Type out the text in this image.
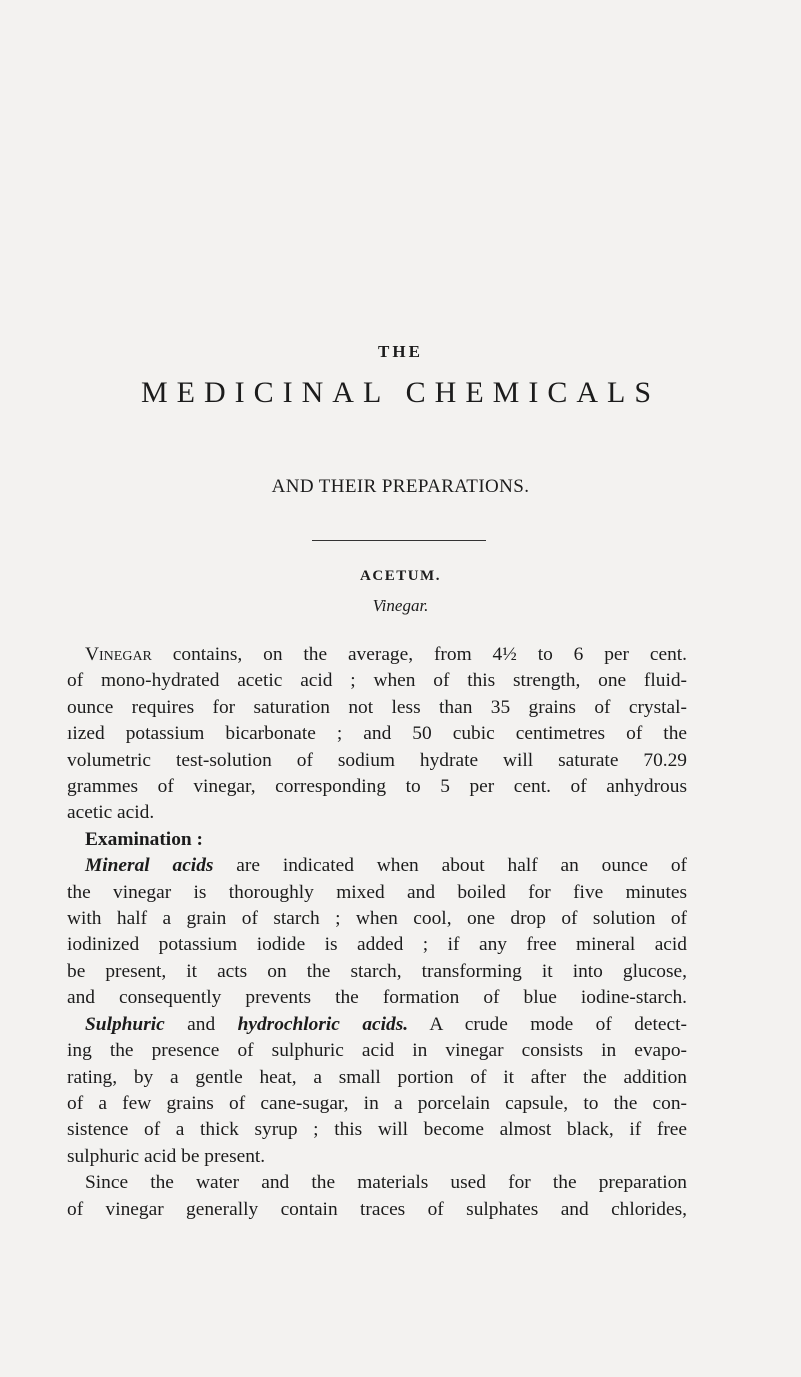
THE
MEDICINAL CHEMICALS
AND THEIR PREPARATIONS.
ACETUM.
Vinegar.
Vinegar contains, on the average, from 4½ to 6 per cent.
of mono-hydrated acetic acid ; when of this strength, one fluid-
ounce requires for saturation not less than 35 grains of crystal-
ıized potassium bicarbonate ; and 50 cubic centimetres of the
volumetric test-solution of sodium hydrate will saturate 70.29
grammes of vinegar, corresponding to 5 per cent. of anhydrous
acetic acid.
Examination :
Mineral acids are indicated when about half an ounce of
the vinegar is thoroughly mixed and boiled for five minutes
with half a grain of starch ; when cool, one drop of solution of
iodinized potassium iodide is added ; if any free mineral acid
be present, it acts on the starch, transforming it into glucose,
and consequently prevents the formation of blue iodine-starch.
Sulphuric and hydrochloric acids. A crude mode of detect-
ing the presence of sulphuric acid in vinegar consists in evapo-
rating, by a gentle heat, a small portion of it after the addition
of a few grains of cane-sugar, in a porcelain capsule, to the con-
sistence of a thick syrup ; this will become almost black, if free
sulphuric acid be present.
Since the water and the materials used for the preparation
of vinegar generally contain traces of sulphates and chlorides,
